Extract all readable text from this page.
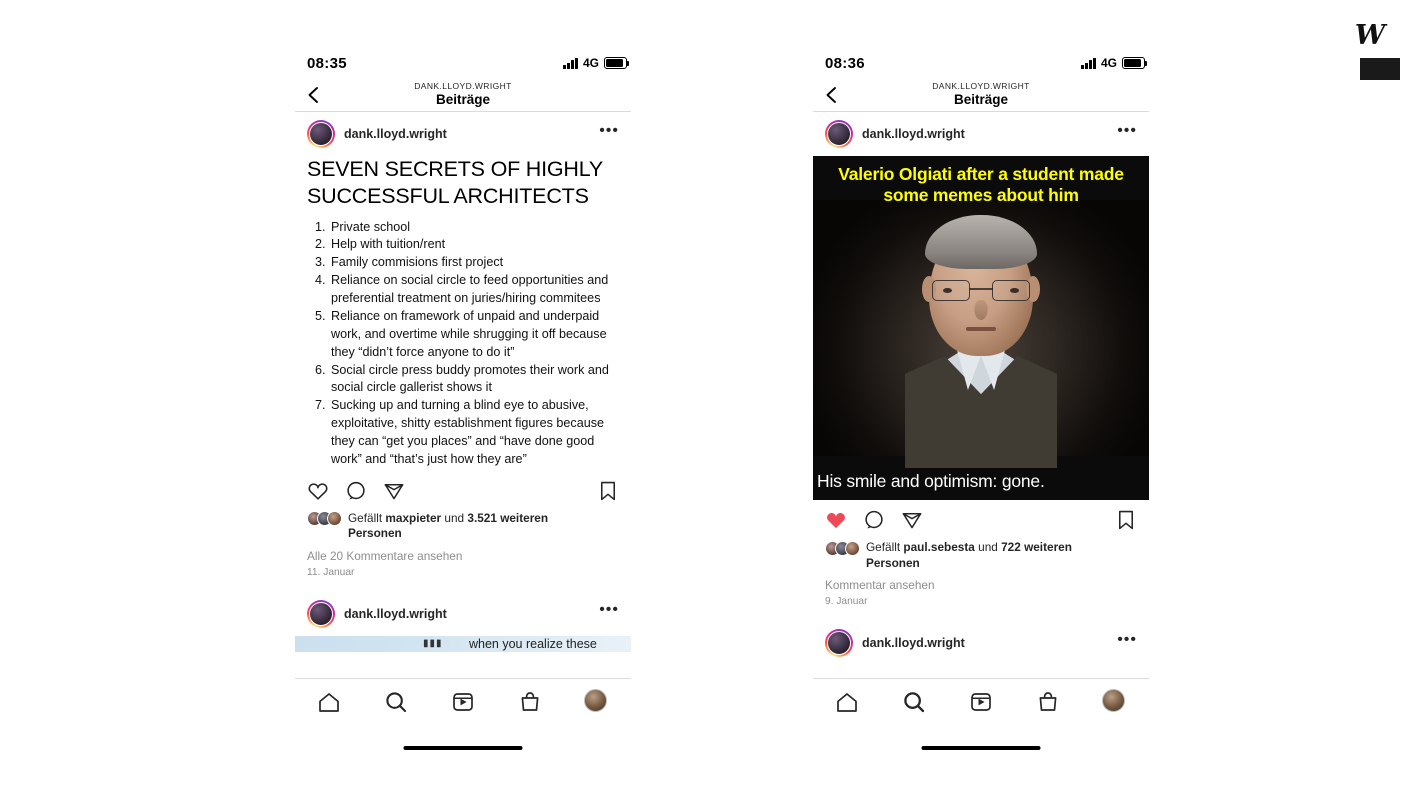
08:35	4G
DANK.LLOYD.WRIGHT
Beiträge
dank.lloyd.wright	•••
SEVEN SECRETS OF HIGHLY SUCCESSFUL ARCHITECTS
1. Private school
2. Help with tuition/rent
3. Family commisions first project
4. Reliance on social circle to feed opportunities and preferential treatment on juries/hiring commitees
5. Reliance on framework of unpaid and underpaid work, and overtime while shrugging it off because they “didn’t force anyone to do it”
6. Social circle press buddy promotes their work and social circle gallerist shows it
7. Sucking up and turning a blind eye to abusive, exploitative, shitty establishment figures because they can “get you places” and “have done good work” and “that’s just how they are”
Gefällt maxpieter und 3.521 weiteren Personen
Alle 20 Kommentare ansehen
11. Januar
dank.lloyd.wright	•••
▮▮▮ when you realize these
08:36	4G
DANK.LLOYD.WRIGHT
Beiträge
dank.lloyd.wright	•••
Valerio Olgiati after a student made some memes about him
His smile and optimism: gone.
Gefällt paul.sebesta und 722 weiteren Personen
Kommentar ansehen
9. Januar
dank.lloyd.wright	•••
W
